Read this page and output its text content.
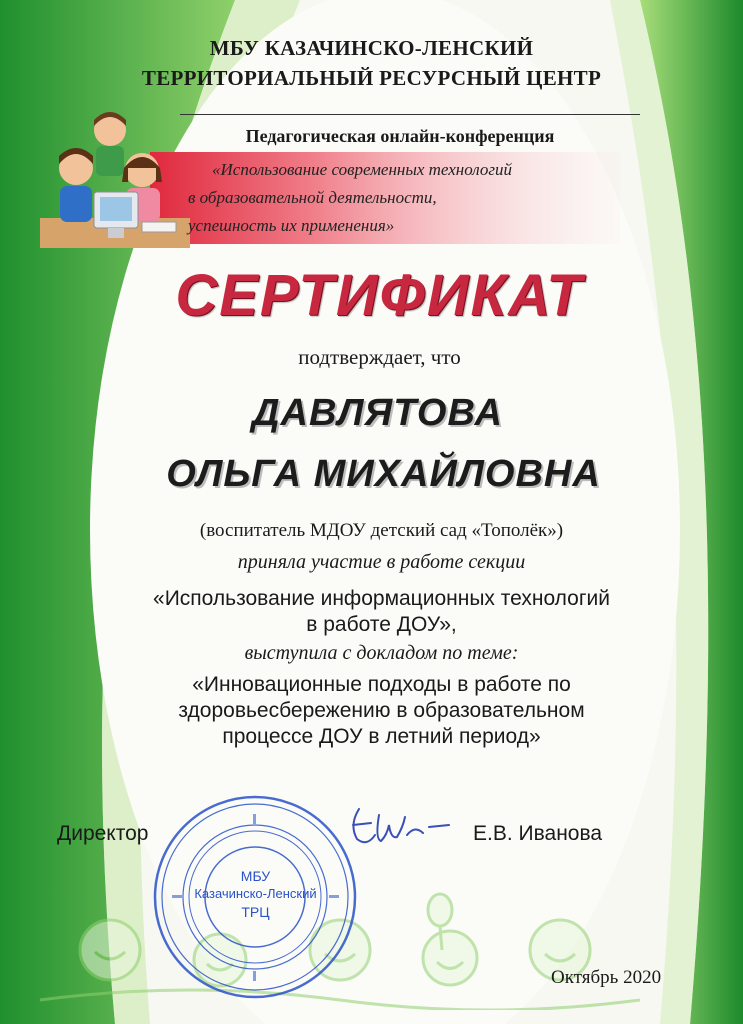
МБУ КАЗАЧИНСКО-ЛЕНСКИЙ
ТЕРРИТОРИАЛЬНЫЙ РЕСУРСНЫЙ ЦЕНТР
Педагогическая онлайн-конференция
«Использование современных технологий
в образовательной деятельности,
успешность их применения»
СЕРТИФИКАТ
подтверждает, что
ДАВЛЯТОВА
ОЛЬГА МИХАЙЛОВНА
(воспитатель МДОУ детский сад «Тополёк»)
приняла участие в работе секции
«Использование информационных технологий
в работе ДОУ»,
выступила с докладом по теме:
«Инновационные подходы в работе по
здоровьесбережению в образовательном
процессе ДОУ в летний период»
МБУ
Казачинско-Ленский
ТРЦ
Директор	Е.В. Иванова
Октябрь 2020
